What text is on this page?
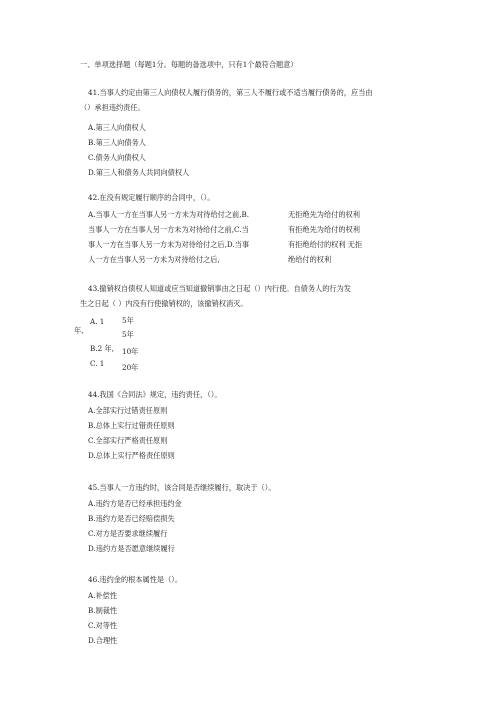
一、单项选择题（每题1分。每题的备选项中，只有1个最符合题意）
41.当事人约定由第三人向债权人履行债务的，第三人不履行或不适当履行债务的，应当由
（）承担违约责任。
A.第三人向债权人
B.第三人向债务人
C.债务人向债权人
D.第三人和债务人共同向债权人
42.在没有规定履行顺序的合同中，（）。
A.当事人一方在当事人另一方未为对待给付之前,B.
当事人一方在当事人另一方未为对待给付之前,C.当
事人一方在当事人另一方未为对待给付之后,D.当事
人一方在当事人另一方未为对待给付之后,
无拒绝先为给付的权利
有拒绝先为给付的权利
有拒绝给付的权利 无拒
绝给付的权利
43.撤销权自债权人知道或应当知道撤销事由之日起（）内行使。自债务人的行为发
生之日起（ ）内没有行使撤销权的，该撤销权消灭。
A. 1
年,
B.2 年,
C. 1
5年
5年
10年
20年
44.我国《合同法》规定，违约责任，（）。
A.全部实行过错责任原则
B.总体上实行过错责任原则
C.全部实行严格责任原则
D.总体上实行严格责任原则
45.当事人一方违约时，该合同是否继续履行，取决于（）。
A.违约方是否已经承担违约金
B.违约方是否已经赔偿损失
C.对方是否要求继续履行
D.违约方是否愿意继续履行
46.违约金的根本属性是（）。
A.补偿性
B.制裁性
C.对等性
D.合理性
